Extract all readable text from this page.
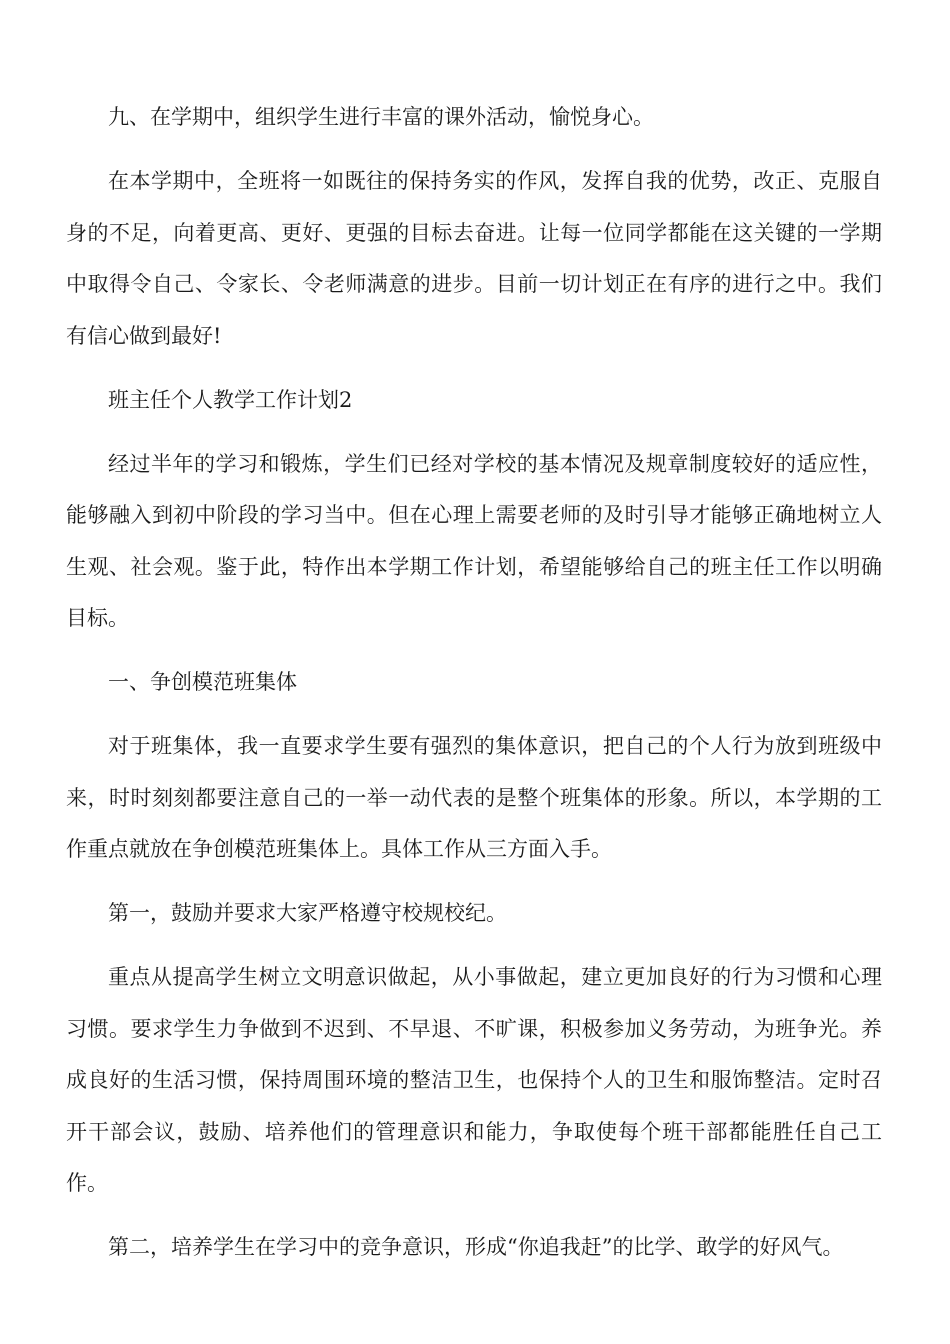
九、在学期中，组织学生进行丰富的课外活动，愉悦身心。

在本学期中，全班将一如既往的保持务实的作风，发挥自我的优势，改正、克服自身的不足，向着更高、更好、更强的目标去奋进。让每一位同学都能在这关键的一学期中取得令自己、令家长、令老师满意的进步。目前一切计划正在有序的进行之中。我们有信心做到最好!

班主任个人教学工作计划2

经过半年的学习和锻炼，学生们已经对学校的基本情况及规章制度较好的适应性，能够融入到初中阶段的学习当中。但在心理上需要老师的及时引导才能够正确地树立人生观、社会观。鉴于此，特作出本学期工作计划，希望能够给自己的班主任工作以明确目标。

一、争创模范班集体

对于班集体，我一直要求学生要有强烈的集体意识，把自己的个人行为放到班级中来，时时刻刻都要注意自己的一举一动代表的是整个班集体的形象。所以，本学期的工作重点就放在争创模范班集体上。具体工作从三方面入手。

第一，鼓励并要求大家严格遵守校规校纪。

重点从提高学生树立文明意识做起，从小事做起，建立更加良好的行为习惯和心理习惯。要求学生力争做到不迟到、不早退、不旷课，积极参加义务劳动，为班争光。养成良好的生活习惯，保持周围环境的整洁卫生，也保持个人的卫生和服饰整洁。定时召开干部会议，鼓励、培养他们的管理意识和能力，争取使每个班干部都能胜任自己工作。

第二，培养学生在学习中的竞争意识，形成“你追我赶”的比学、敢学的好风气。
